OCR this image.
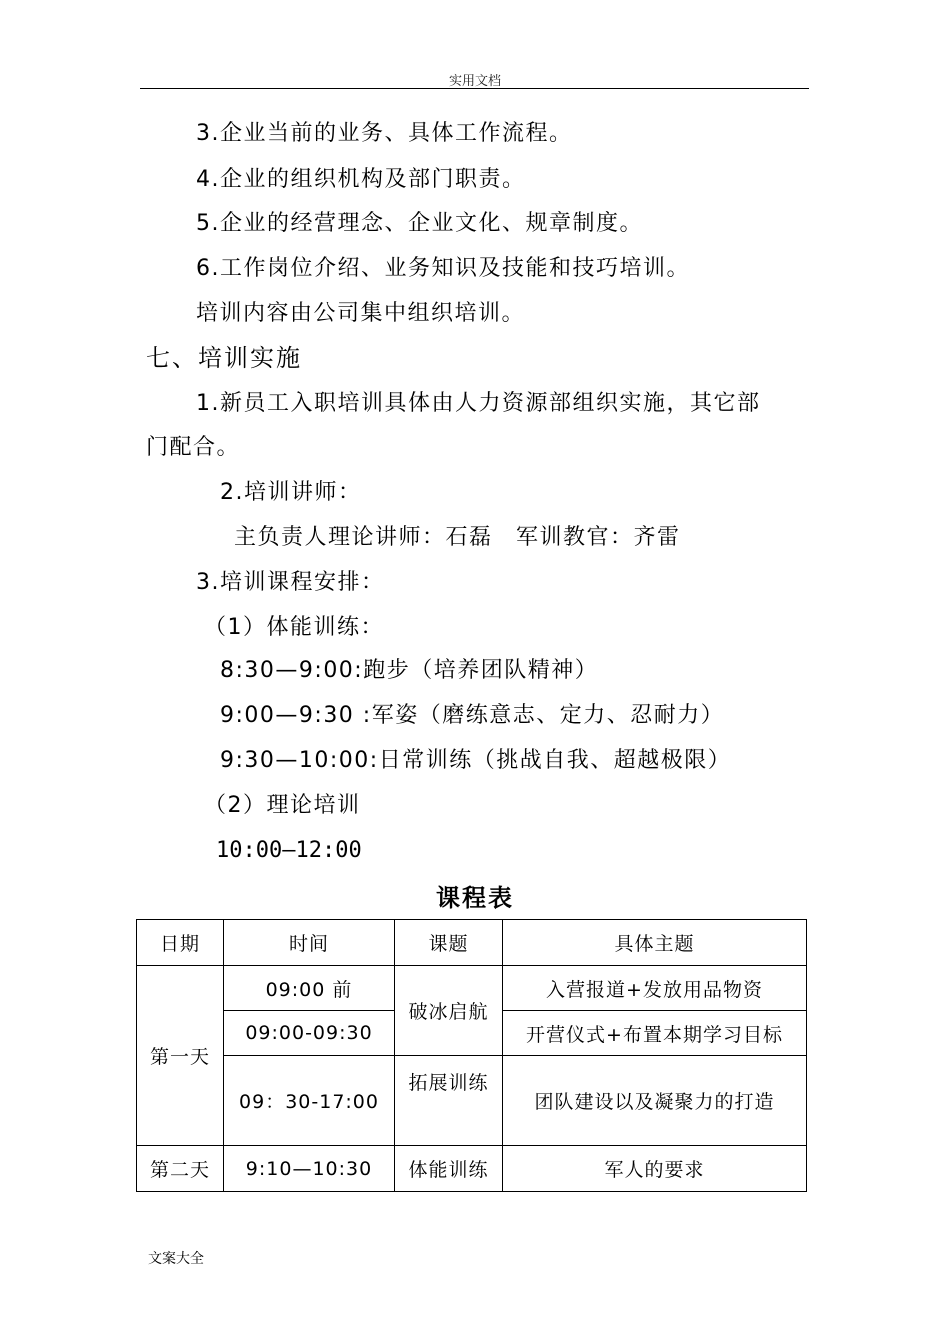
实用文档
3.企业当前的业务、具体工作流程。
4.企业的组织机构及部门职责。
5.企业的经营理念、企业文化、规章制度。
6.工作岗位介绍、业务知识及技能和技巧培训。
培训内容由公司集中组织培训。
七、培训实施
1.新员工入职培训具体由人力资源部组织实施，其它部
门配合。
2.培训讲师：
主负责人理论讲师：石磊　军训教官：齐雷
3.培训课程安排：
（1）体能训练：
8:30—9:00:跑步（培养团队精神）
9:00—9:30 :军姿（磨练意志、定力、忍耐力）
9:30—10:00:日常训练（挑战自我、超越极限）
（2）理论培训
10:00—12:00
课程表
日期	时间	课题	具体主题
第一天	09:00 前	破冰启航	入营报道+发放用品物资
	09:00-09:30		开营仪式+布置本期学习目标
	09：30-17:00	拓展训练	团队建设以及凝聚力的打造
第二天	9:10—10:30	体能训练	军人的要求
文案大全
